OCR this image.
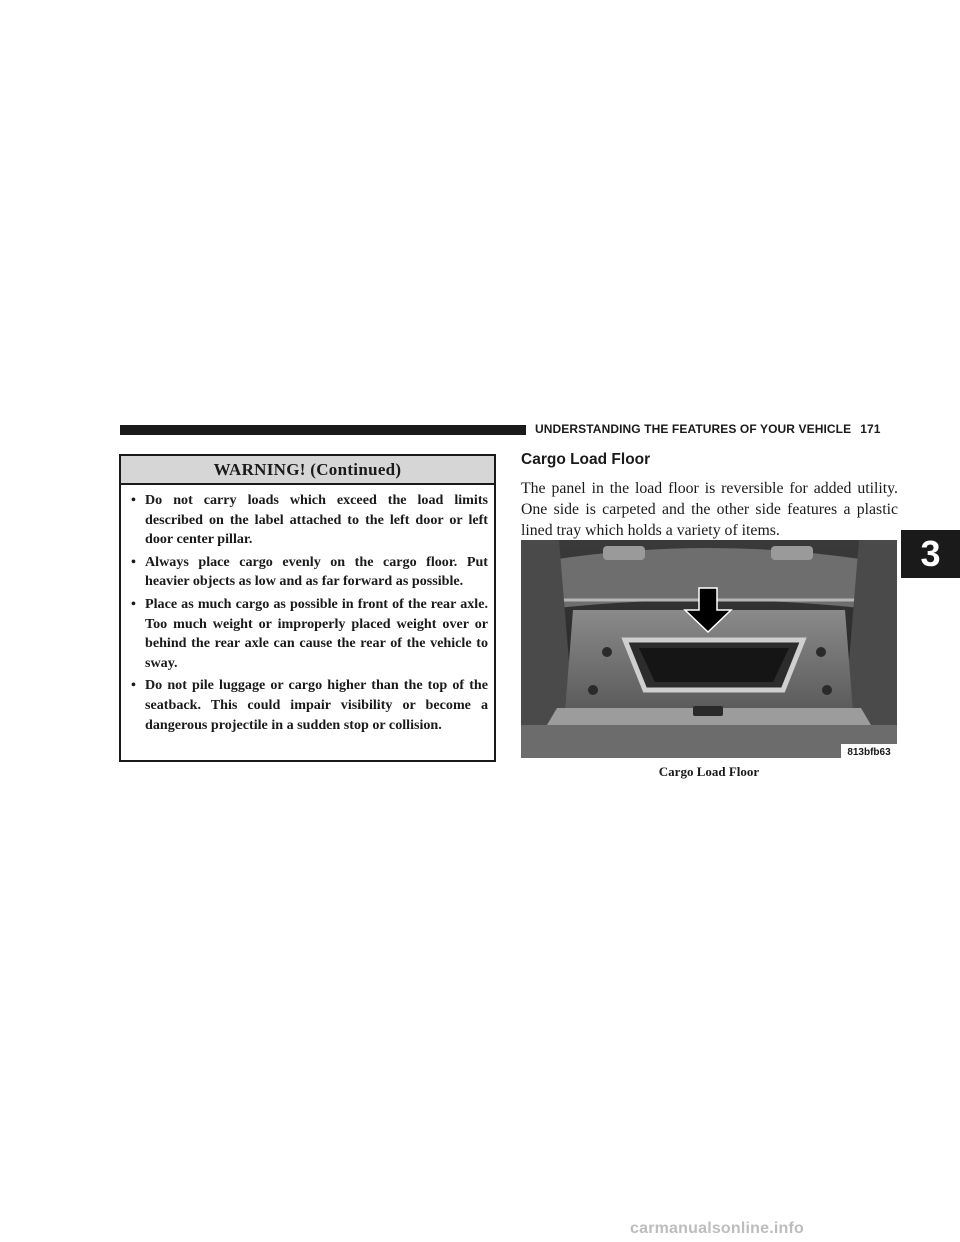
UNDERSTANDING THE FEATURES OF YOUR VEHICLE 171
3
WARNING! (Continued)
• Do not carry loads which exceed the load limits described on the label attached to the left door or left door center pillar.
• Always place cargo evenly on the cargo floor. Put heavier objects as low and as far forward as possible.
• Place as much cargo as possible in front of the rear axle. Too much weight or improperly placed weight over or behind the rear axle can cause the rear of the vehicle to sway.
• Do not pile luggage or cargo higher than the top of the seatback. This could impair visibility or become a dangerous projectile in a sudden stop or collision.
Cargo Load Floor

The panel in the load floor is reversible for added utility. One side is carpeted and the other side features a plastic lined tray which holds a variety of items.

813bfb63
Cargo Load Floor
carmanualsonline.info
